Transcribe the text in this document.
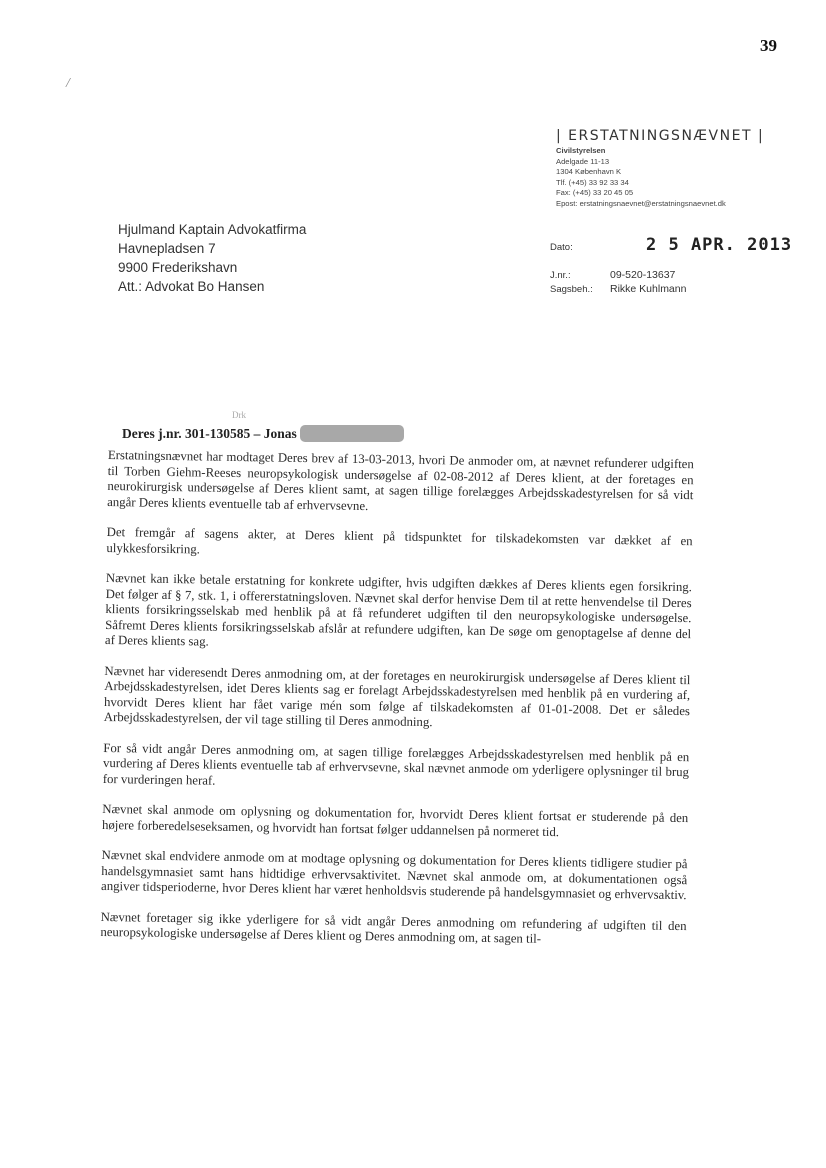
39
/
| ERSTATNINGSNÆVNET |
Civilstyrelsen
Adelgade 11-13
1304 København K
Tlf. (+45) 33 92 33 34
Fax: (+45) 33 20 45 05
Epost: erstatningsnaevnet@erstatningsnaevnet.dk
Hjulmand Kaptain Advokatfirma
Havnepladsen 7
9900 Frederikshavn
Att.: Advokat Bo Hansen
Dato:	2 5 APR. 2013
J.nr.:	09-520-13637
Sagsbeh.:	Rikke Kuhlmann
Drk
Deres j.nr. 301-130585 – Jonas

Erstatningsnævnet har modtaget Deres brev af 13-03-2013, hvori De anmoder om, at nævnet refunderer udgiften til Torben Giehm-Reeses neuropsykologisk undersøgelse af 02-08-2012 af Deres klient, at der foretages en neurokirurgisk undersøgelse af Deres klient samt, at sagen tillige forelægges Arbejdsskadestyrelsen for så vidt angår Deres klients eventuelle tab af erhvervsevne.

Det fremgår af sagens akter, at Deres klient på tidspunktet for tilskadekomsten var dækket af en ulykkesforsikring.

Nævnet kan ikke betale erstatning for konkrete udgifter, hvis udgiften dækkes af Deres klients egen forsikring. Det følger af § 7, stk. 1, i offererstatningsloven. Nævnet skal derfor henvise Dem til at rette henvendelse til Deres klients forsikringsselskab med henblik på at få refunderet udgiften til den neuropsykologiske undersøgelse. Såfremt Deres klients forsikringsselskab afslår at refundere udgiften, kan De søge om genoptagelse af denne del af Deres klients sag.

Nævnet har videresendt Deres anmodning om, at der foretages en neurokirurgisk undersøgelse af Deres klient til Arbejdsskadestyrelsen, idet Deres klients sag er forelagt Arbejdsskadestyrelsen med henblik på en vurdering af, hvorvidt Deres klient har fået varige mén som følge af tilskadekomsten af 01-01-2008. Det er således Arbejdsskadestyrelsen, der vil tage stilling til Deres anmodning.

For så vidt angår Deres anmodning om, at sagen tillige forelægges Arbejdsskadestyrelsen med henblik på en vurdering af Deres klients eventuelle tab af erhvervsevne, skal nævnet anmode om yderligere oplysninger til brug for vurderingen heraf.

Nævnet skal anmode om oplysning og dokumentation for, hvorvidt Deres klient fortsat er studerende på den højere forberedelseseksamen, og hvorvidt han fortsat følger uddannelsen på normeret tid.

Nævnet skal endvidere anmode om at modtage oplysning og dokumentation for Deres klients tidligere studier på handelsgymnasiet samt hans hidtidige erhvervsaktivitet. Nævnet skal anmode om, at dokumentationen også angiver tidsperioderne, hvor Deres klient har været henholdsvis studerende på handelsgymnasiet og erhvervsaktiv.

Nævnet foretager sig ikke yderligere for så vidt angår Deres anmodning om refundering af udgiften til den neuropsykologiske undersøgelse af Deres klient og Deres anmodning om, at sagen til-
